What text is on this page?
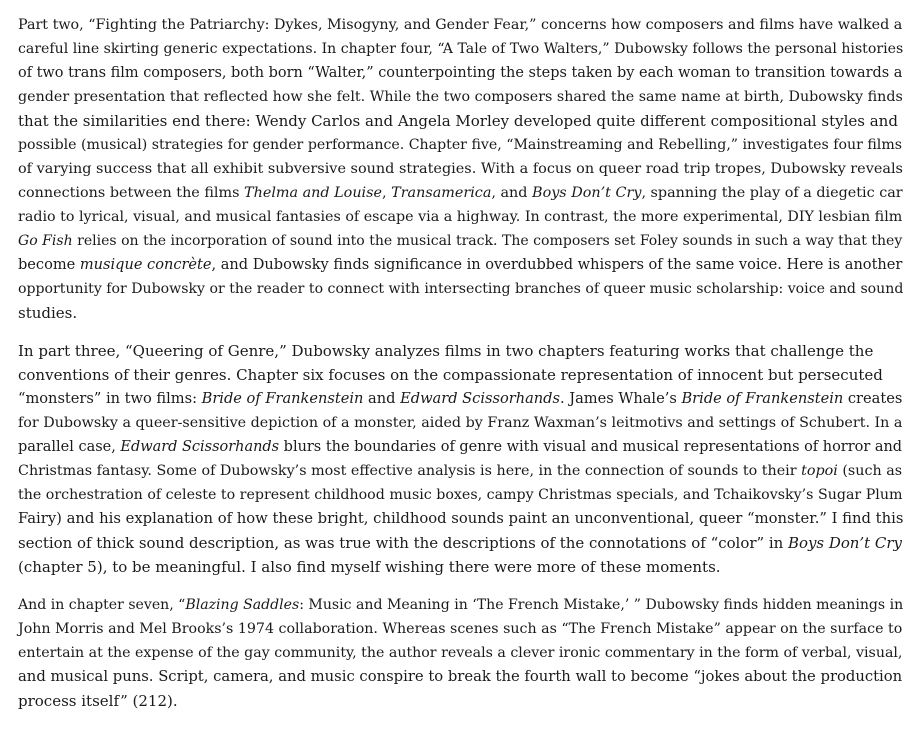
Part two, “Fighting the Patriarchy: Dykes, Misogyny, and Gender Fear,” concerns how composers and films have walked a
careful line skirting generic expectations. In chapter four, “A Tale of Two Walters,” Dubowsky follows the personal histories
of two trans film composers, both born “Walter,” counterpointing the steps taken by each woman to transition towards a
gender presentation that reflected how she felt. While the two composers shared the same name at birth, Dubowsky finds
that the similarities end there: Wendy Carlos and Angela Morley developed quite different compositional styles and
possible (musical) strategies for gender performance. Chapter five, “Mainstreaming and Rebelling,” investigates four films
of varying success that all exhibit subversive sound strategies. With a focus on queer road trip tropes, Dubowsky reveals
connections between the films Thelma and Louise, Transamerica, and Boys Don’t Cry, spanning the play of a diegetic car
radio to lyrical, visual, and musical fantasies of escape via a highway. In contrast, the more experimental, DIY lesbian film
Go Fish relies on the incorporation of sound into the musical track. The composers set Foley sounds in such a way that they
become musique concrète, and Dubowsky finds significance in overdubbed whispers of the same voice. Here is another
opportunity for Dubowsky or the reader to connect with intersecting branches of queer music scholarship: voice and sound
studies.

In part three, “Queering of Genre,” Dubowsky analyzes films in two chapters featuring works that challenge the
conventions of their genres. Chapter six focuses on the compassionate representation of innocent but persecuted
“monsters” in two films: Bride of Frankenstein and Edward Scissorhands. James Whale’s Bride of Frankenstein creates
for Dubowsky a queer-sensitive depiction of a monster, aided by Franz Waxman’s leitmotivs and settings of Schubert. In a
parallel case, Edward Scissorhands blurs the boundaries of genre with visual and musical representations of horror and
Christmas fantasy. Some of Dubowsky’s most effective analysis is here, in the connection of sounds to their topoi (such as
the orchestration of celeste to represent childhood music boxes, campy Christmas specials, and Tchaikovsky’s Sugar Plum
Fairy) and his explanation of how these bright, childhood sounds paint an unconventional, queer “monster.” I find this
section of thick sound description, as was true with the descriptions of the connotations of “color” in Boys Don’t Cry
(chapter 5), to be meaningful. I also find myself wishing there were more of these moments.

And in chapter seven, “Blazing Saddles: Music and Meaning in ‘The French Mistake,’ ” Dubowsky finds hidden meanings in
John Morris and Mel Brooks’s 1974 collaboration. Whereas scenes such as “The French Mistake” appear on the surface to
entertain at the expense of the gay community, the author reveals a clever ironic commentary in the form of verbal, visual,
and musical puns. Script, camera, and music conspire to break the fourth wall to become “jokes about the production
process itself” (212).
